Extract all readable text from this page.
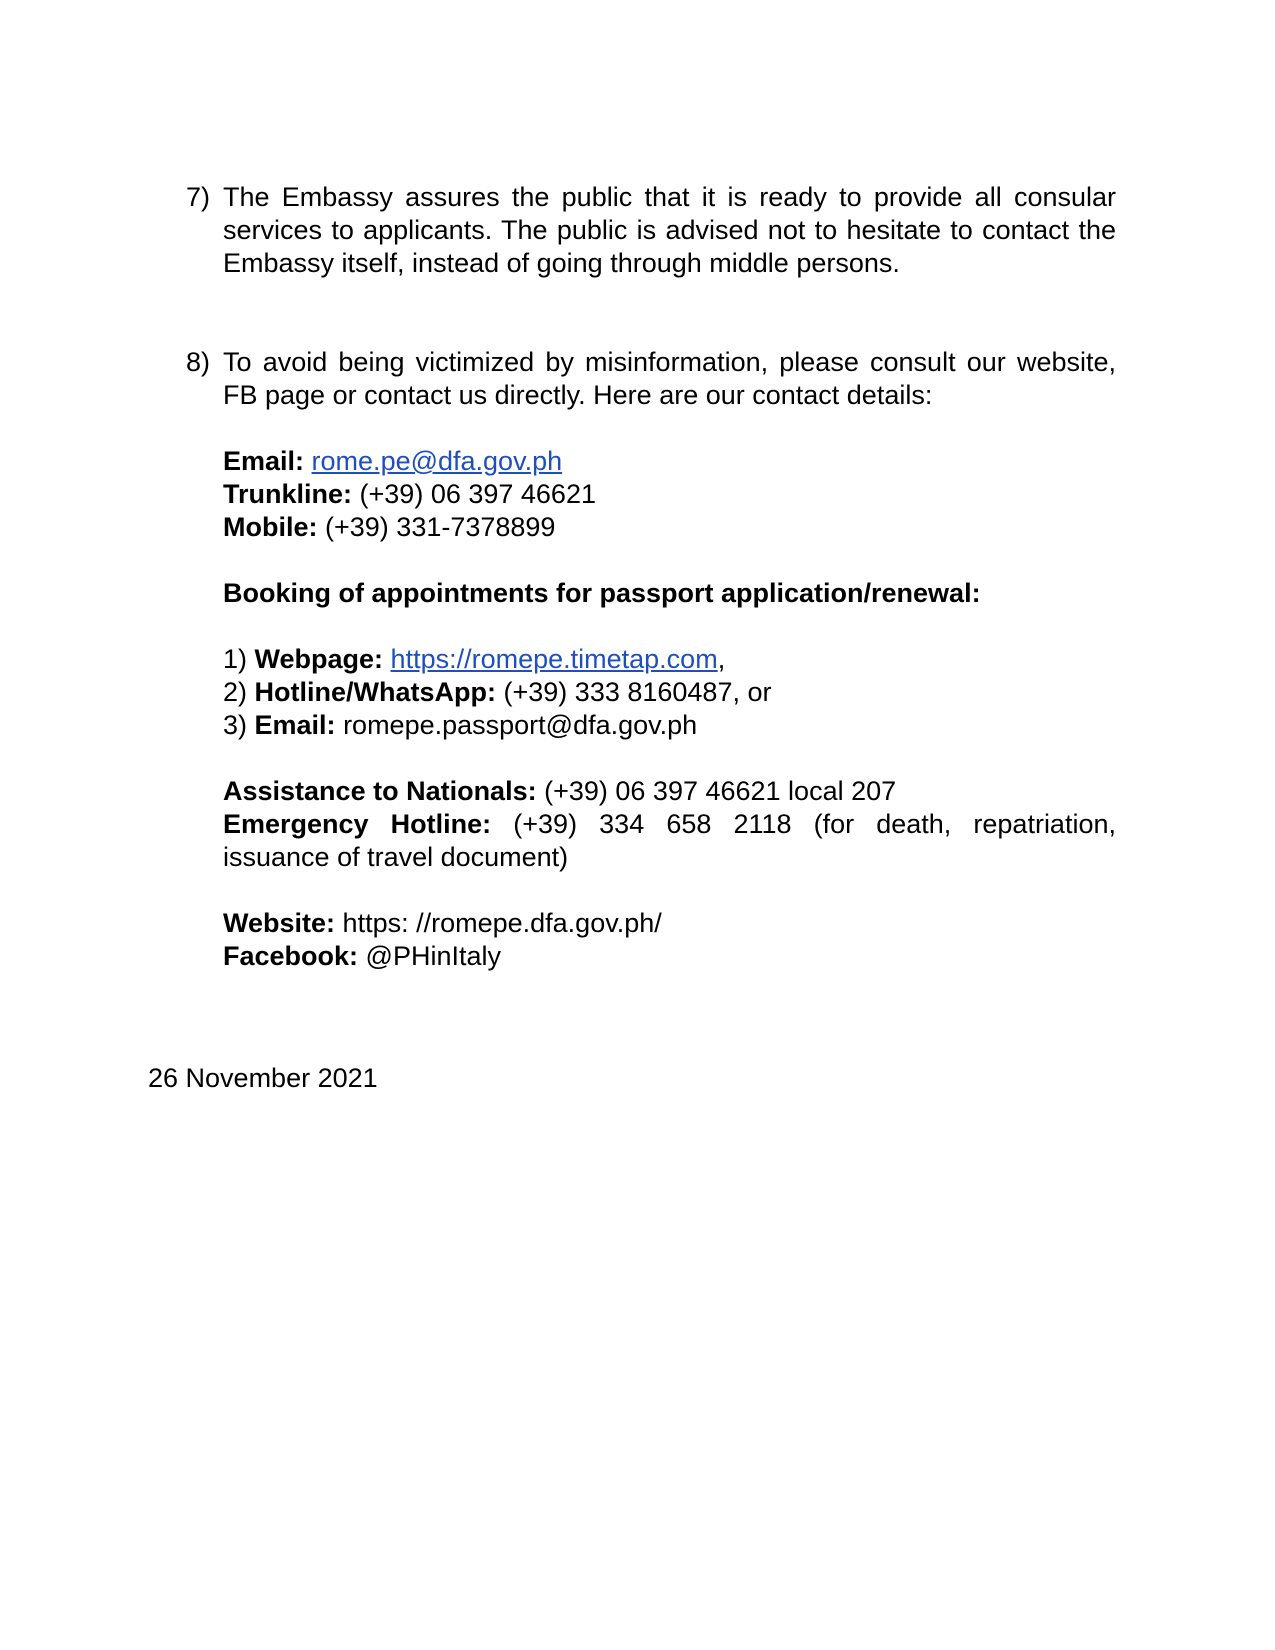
7) The Embassy assures the public that it is ready to provide all consular services to applicants. The public is advised not to hesitate to contact the Embassy itself, instead of going through middle persons.

8) To avoid being victimized by misinformation, please consult our website, FB page or contact us directly. Here are our contact details:

Email: rome.pe@dfa.gov.ph
Trunkline: (+39) 06 397 46621
Mobile: (+39) 331-7378899
Booking of appointments for passport application/renewal:
1) Webpage: https://romepe.timetap.com,
2) Hotline/WhatsApp: (+39) 333 8160487, or
3) Email: romepe.passport@dfa.gov.ph
Assistance to Nationals: (+39) 06 397 46621 local 207
Emergency Hotline: (+39) 334 658 2118 (for death, repatriation,
issuance of travel document)
Website: https: //romepe.dfa.gov.ph/
Facebook: @PHinItaly
26 November 2021
